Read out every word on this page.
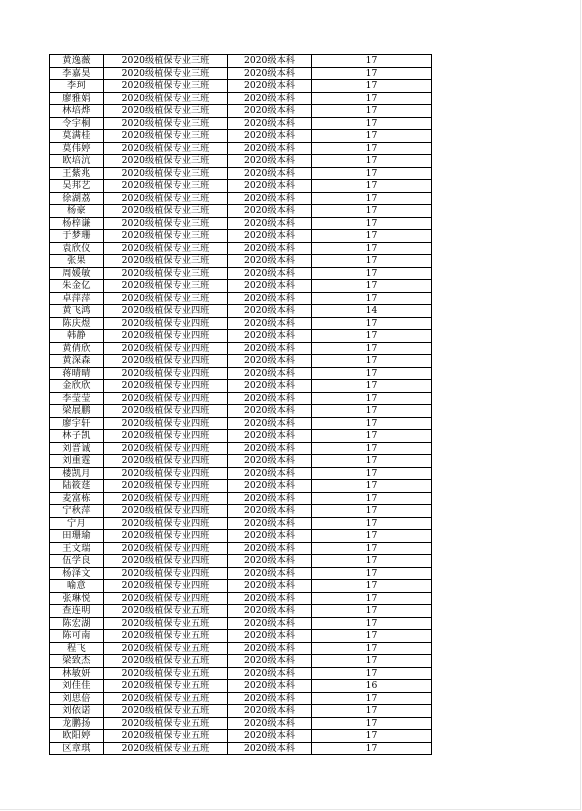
黄逸薇	2020级植保专业三班	2020级本科	17
李嘉昊	2020级植保专业三班	2020级本科	17
李珂	2020级植保专业三班	2020级本科	17
廖雅娟	2020级植保专业三班	2020级本科	17
林培烨	2020级植保专业三班	2020级本科	17
令宇桐	2020级植保专业三班	2020级本科	17
莫满桂	2020级植保专业三班	2020级本科	17
莫伟婷	2020级植保专业三班	2020级本科	17
欧培沆	2020级植保专业三班	2020级本科	17
王紫兆	2020级植保专业三班	2020级本科	17
吴邦艺	2020级植保专业三班	2020级本科	17
徐湖荔	2020级植保专业三班	2020级本科	17
杨豪	2020级植保专业三班	2020级本科	17
杨梓谦	2020级植保专业三班	2020级本科	17
于梦珊	2020级植保专业三班	2020级本科	17
袁欣仪	2020级植保专业三班	2020级本科	17
张果	2020级植保专业三班	2020级本科	17
周媛敏	2020级植保专业三班	2020级本科	17
朱金亿	2020级植保专业三班	2020级本科	17
卓萍萍	2020级植保专业三班	2020级本科	17
黄飞鸿	2020级植保专业四班	2020级本科	14
陈庆煜	2020级植保专业四班	2020级本科	17
韩静	2020级植保专业四班	2020级本科	17
黄倩欣	2020级植保专业四班	2020级本科	17
黄深森	2020级植保专业四班	2020级本科	17
蒋晴晴	2020级植保专业四班	2020级本科	17
金欣欣	2020级植保专业四班	2020级本科	17
李莹莹	2020级植保专业四班	2020级本科	17
梁展鹏	2020级植保专业四班	2020级本科	17
廖宇轩	2020级植保专业四班	2020级本科	17
林子凯	2020级植保专业四班	2020级本科	17
刘晋诚	2020级植保专业四班	2020级本科	17
刘重霆	2020级植保专业四班	2020级本科	17
楼凯月	2020级植保专业四班	2020级本科	17
陆筱莛	2020级植保专业四班	2020级本科	17
麦富栋	2020级植保专业四班	2020级本科	17
宁秋萍	2020级植保专业四班	2020级本科	17
宁月	2020级植保专业四班	2020级本科	17
田珊瑜	2020级植保专业四班	2020级本科	17
王文瑞	2020级植保专业四班	2020级本科	17
伍学良	2020级植保专业四班	2020级本科	17
杨泽文	2020级植保专业四班	2020级本科	17
喻意	2020级植保专业四班	2020级本科	17
张琳悦	2020级植保专业四班	2020级本科	17
查连明	2020级植保专业五班	2020级本科	17
陈宏湖	2020级植保专业五班	2020级本科	17
陈可南	2020级植保专业五班	2020级本科	17
程飞	2020级植保专业五班	2020级本科	17
梁致杰	2020级植保专业五班	2020级本科	17
林敏妍	2020级植保专业五班	2020级本科	17
刘佳佳	2020级植保专业五班	2020级本科	16
刘思倍	2020级植保专业五班	2020级本科	17
刘依诺	2020级植保专业五班	2020级本科	17
龙鹏扬	2020级植保专业五班	2020级本科	17
欧阳婷	2020级植保专业五班	2020级本科	17
区章琪	2020级植保专业五班	2020级本科	17
